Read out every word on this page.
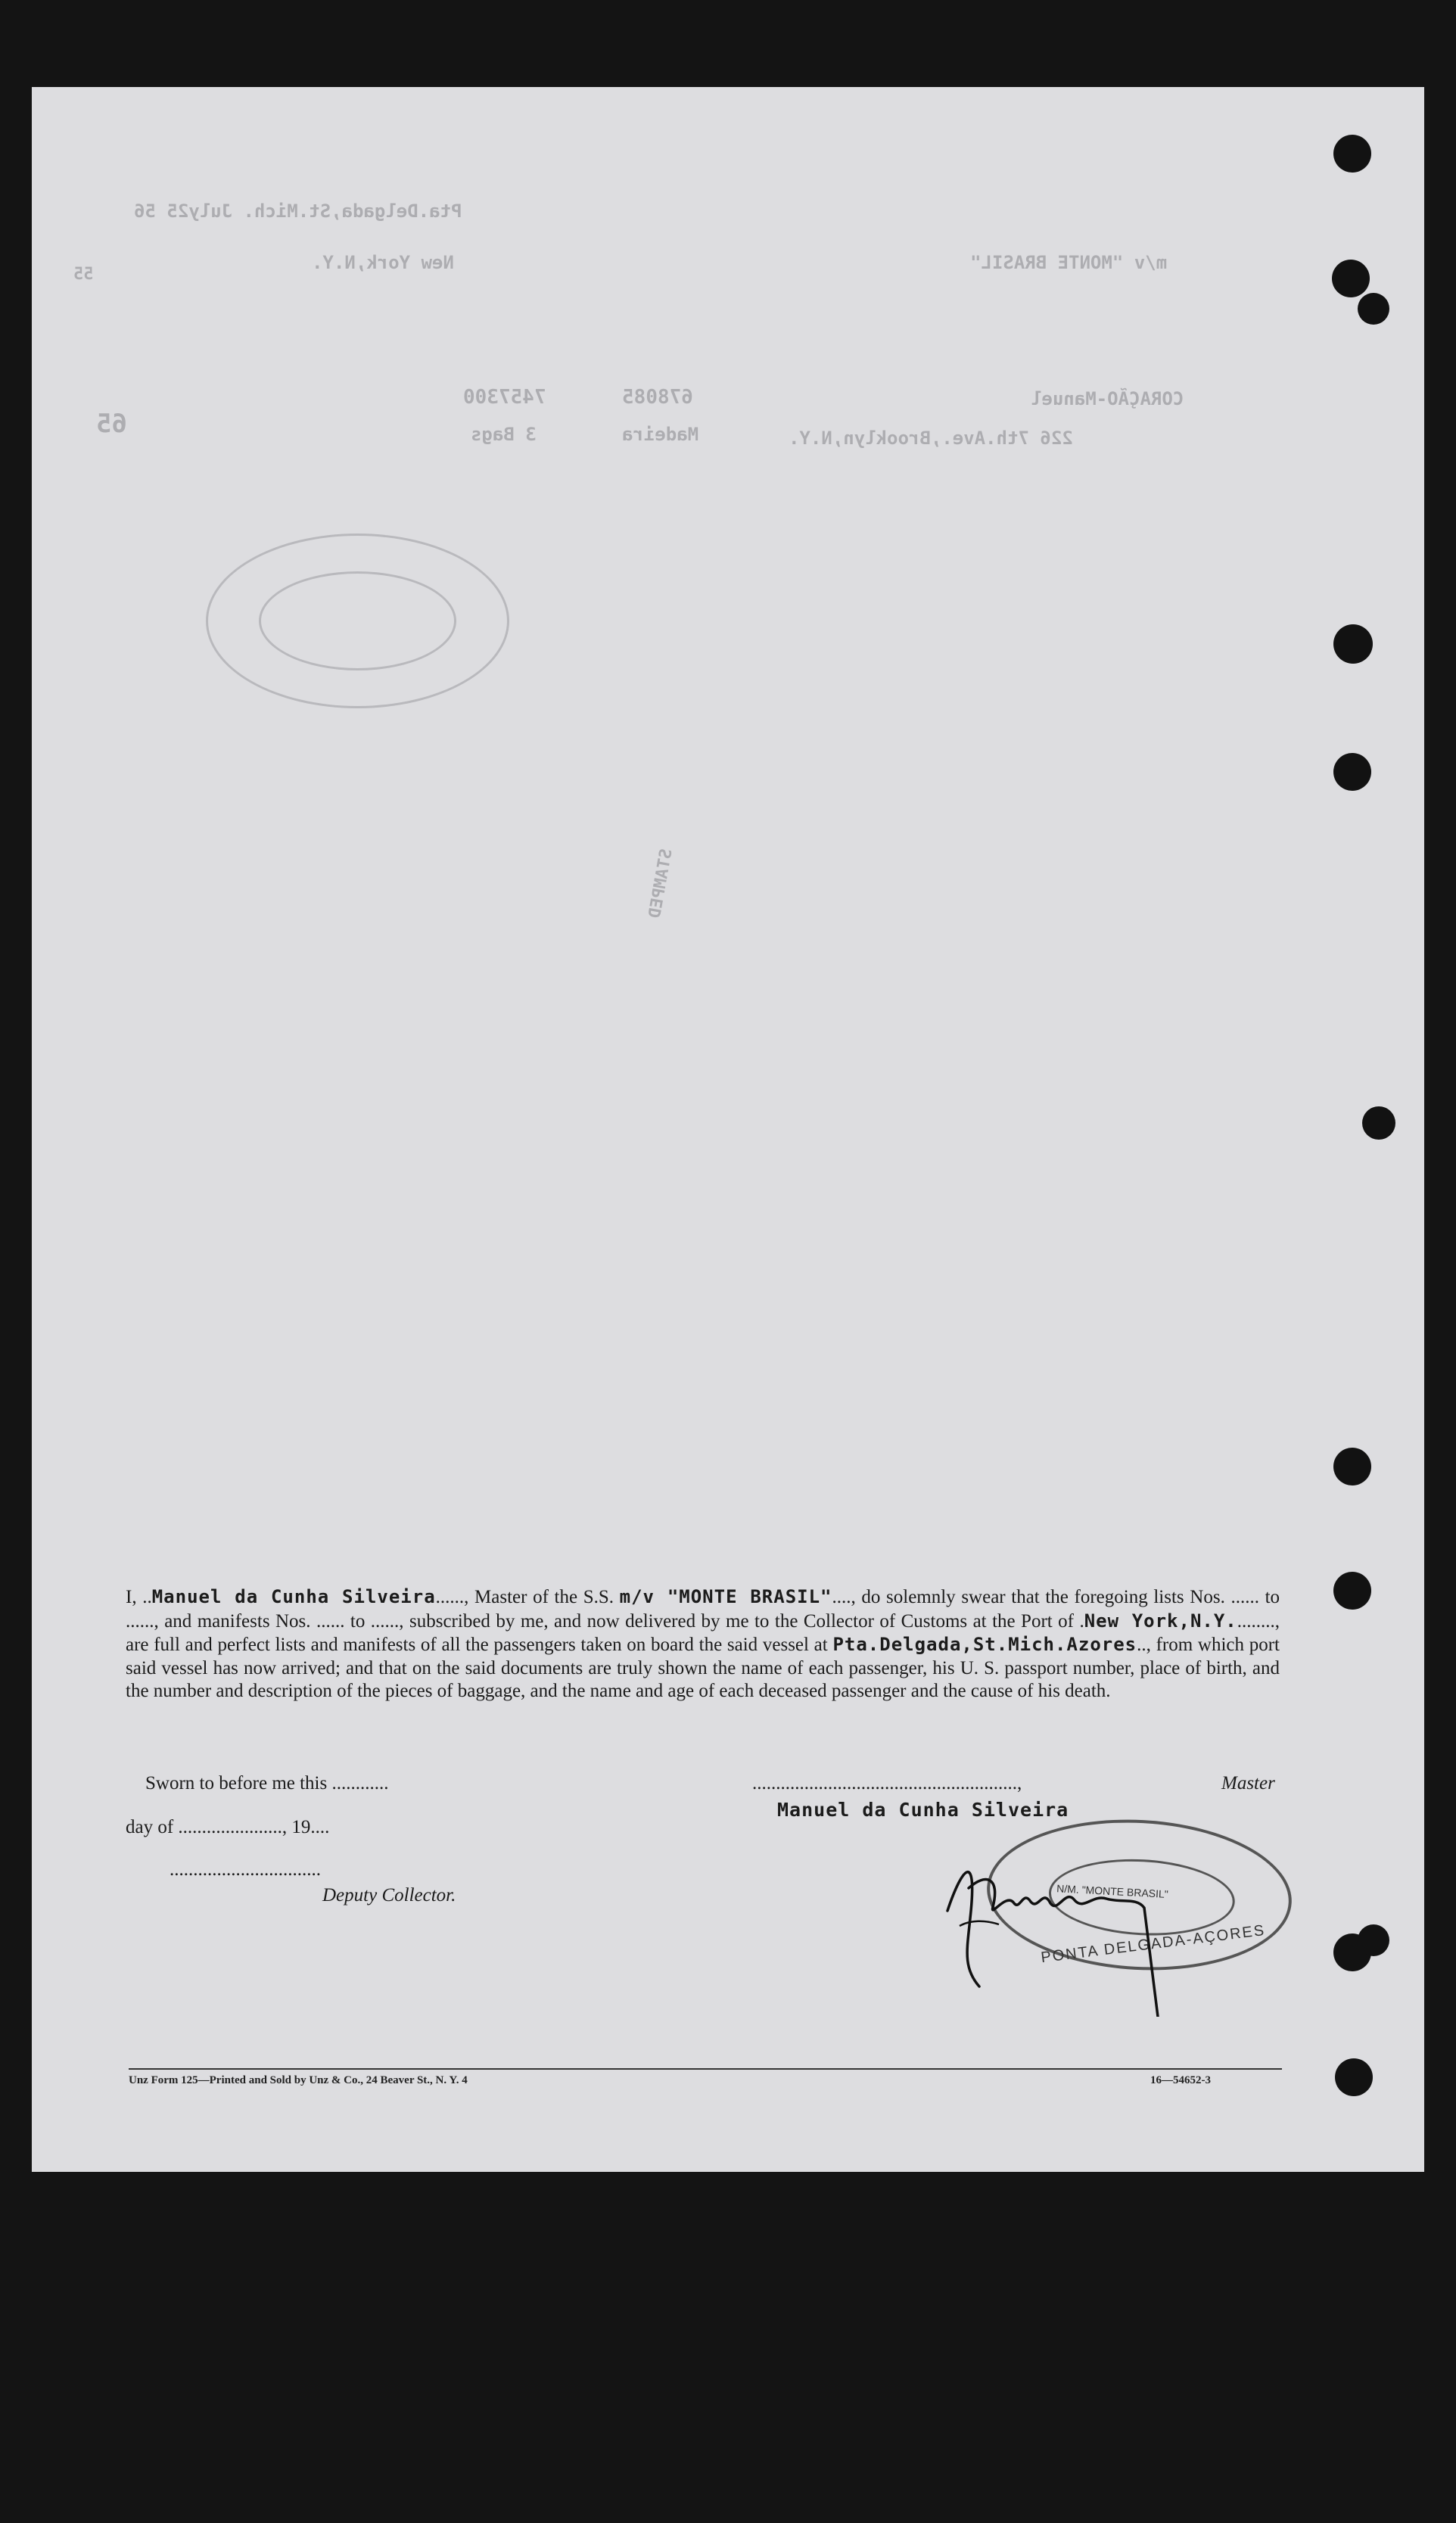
Pta.Delgada,St.Mich. July25 56
55
New York,N.Y.	m/v "MONTE BRASIL"
65
7457300	678085	CORAÇÃO-Manuel
3 Bags	Madeira	226 7th.Ave.,Brooklyn,N.Y.
STAMPED
I, ..Manuel da Cunha Silveira......, Master of the S.S. m/v "MONTE BRASIL"...., do solemnly swear that the foregoing lists Nos. ...... to ......, and manifests Nos. ...... to ......, subscribed by me, and now delivered by me to the Collector of Customs at the Port of .New York,N.Y........., are full and perfect lists and manifests of all the passengers taken on board the said vessel at Pta.Delgada,St.Mich.Azores.., from which port said vessel has now arrived; and that on the said documents are truly shown the name of each passenger, his U. S. passport number, place of birth, and the number and description of the pieces of baggage, and the name and age of each deceased passenger and the cause of his death.
Sworn to before me this ............
day of ......................, 19....
................................
Deputy Collector.
........................................................,	Master
Manuel da Cunha Silveira
N/M. "MONTE BRASIL"
PONTA DELGADA-AÇORES
Unz Form 125—Printed and Sold by Unz & Co., 24 Beaver St., N. Y. 4	16—54652-3
